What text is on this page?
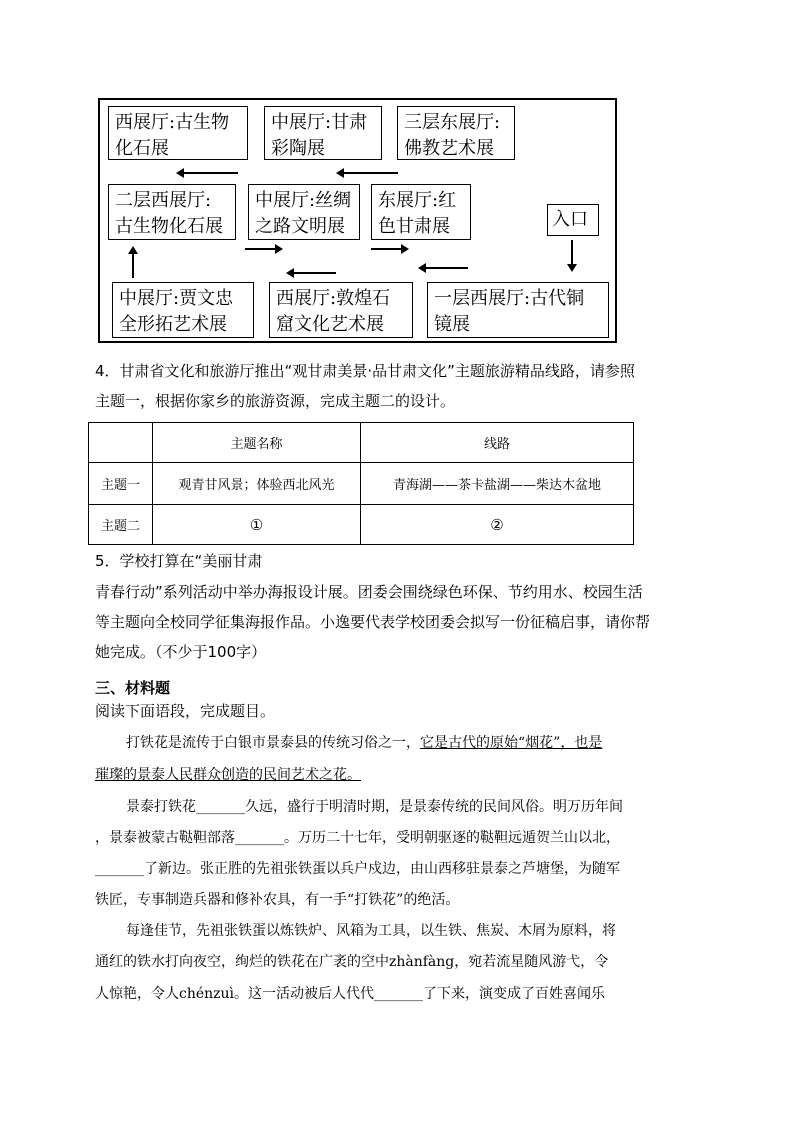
西展厅:古生物
化石展
中展厅:甘肃
彩陶展
三层东展厅:
佛教艺术展
二层西展厅:
古生物化石展
中展厅:丝绸
之路文明展
东展厅:红
色甘肃展	入口
中展厅:贾文忠
全形拓艺术展
西展厅:敦煌石
窟文化艺术展
一层西展厅:古代铜
镜展
4．甘肃省文化和旅游厅推出“观甘肃美景·品甘肃文化”主题旅游精品线路，请参照
主题一，根据你家乡的旅游资源，完成主题二的设计。
	主题名称	线路
主题一	观青甘风景；体验西北风光	青海湖——茶卡盐湖——柴达木盆地
主题二	①	②
5．学校打算在“美丽甘肃
青春行动”系列活动中举办海报设计展。团委会围绕绿色环保、节约用水、校园生活
等主题向全校同学征集海报作品。小逸要代表学校团委会拟写一份征稿启事，请你帮
她完成。（不少于100字）
三、材料题
阅读下面语段，完成题目。
打铁花是流传于白银市景泰县的传统习俗之一，它是古代的原始“烟花”，也是
璀璨的景泰人民群众创造的民间艺术之花。
景泰打铁花_______久远，盛行于明清时期，是景泰传统的民间风俗。明万历年间
，景泰被蒙古鞑靼部落_______。万历二十七年，受明朝驱逐的鞑靼远遁贺兰山以北，
_______了新边。张正胜的先祖张铁蛋以兵户戍边，由山西移驻景泰之芦塘堡，为随军
铁匠，专事制造兵器和修补农具，有一手“打铁花”的绝活。
每逢佳节，先祖张铁蛋以炼铁炉、风箱为工具，以生铁、焦炭、木屑为原料，将
通红的铁水打向夜空，绚烂的铁花在广袤的空中zhànfàng，宛若流星随风游弋，令
人惊艳，令人chénzuì。这一活动被后人代代_______了下来，演变成了百姓喜闻乐
